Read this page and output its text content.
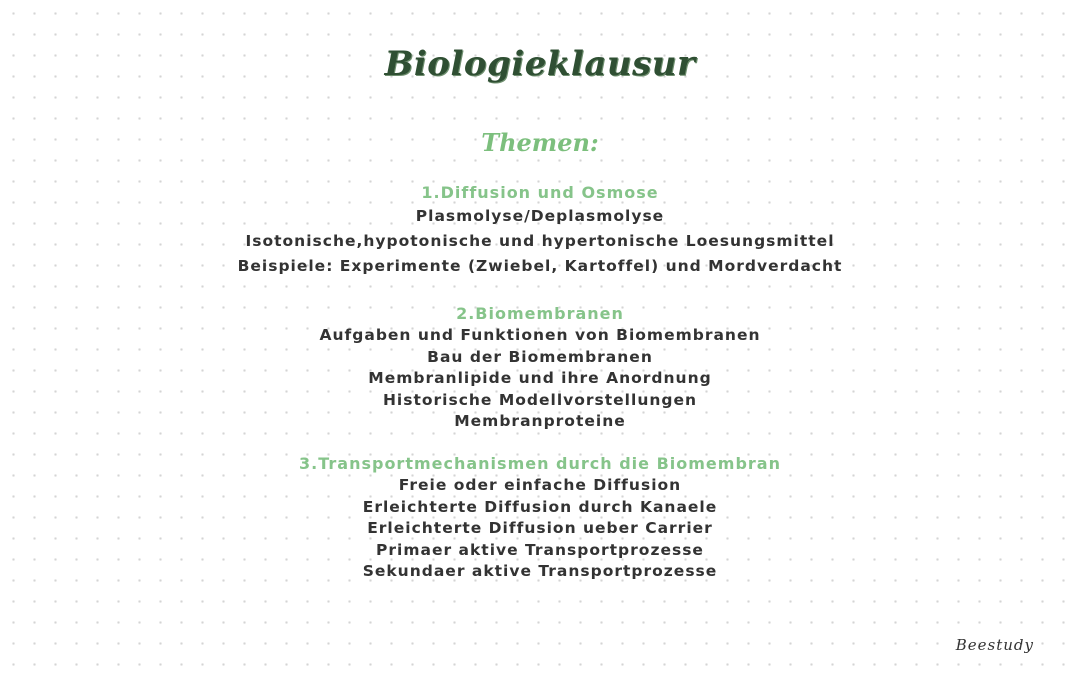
Biologieklausur
Themen:
1.Diffusion und Osmose
Plasmolyse/Deplasmolyse
Isotonische,hypotonische und hypertonische Loesungsmittel
Beispiele: Experimente (Zwiebel, Kartoffel) und Mordverdacht
2.Biomembranen
Aufgaben und Funktionen von Biomembranen
Bau der Biomembranen
Membranlipide und ihre Anordnung
Historische Modellvorstellungen
Membranproteine
3.Transportmechanismen durch die Biomembran
Freie oder einfache Diffusion
Erleichterte Diffusion durch Kanaele
Erleichterte Diffusion ueber Carrier
Primaer aktive Transportprozesse
Sekundaer aktive Transportprozesse
Beestudy
